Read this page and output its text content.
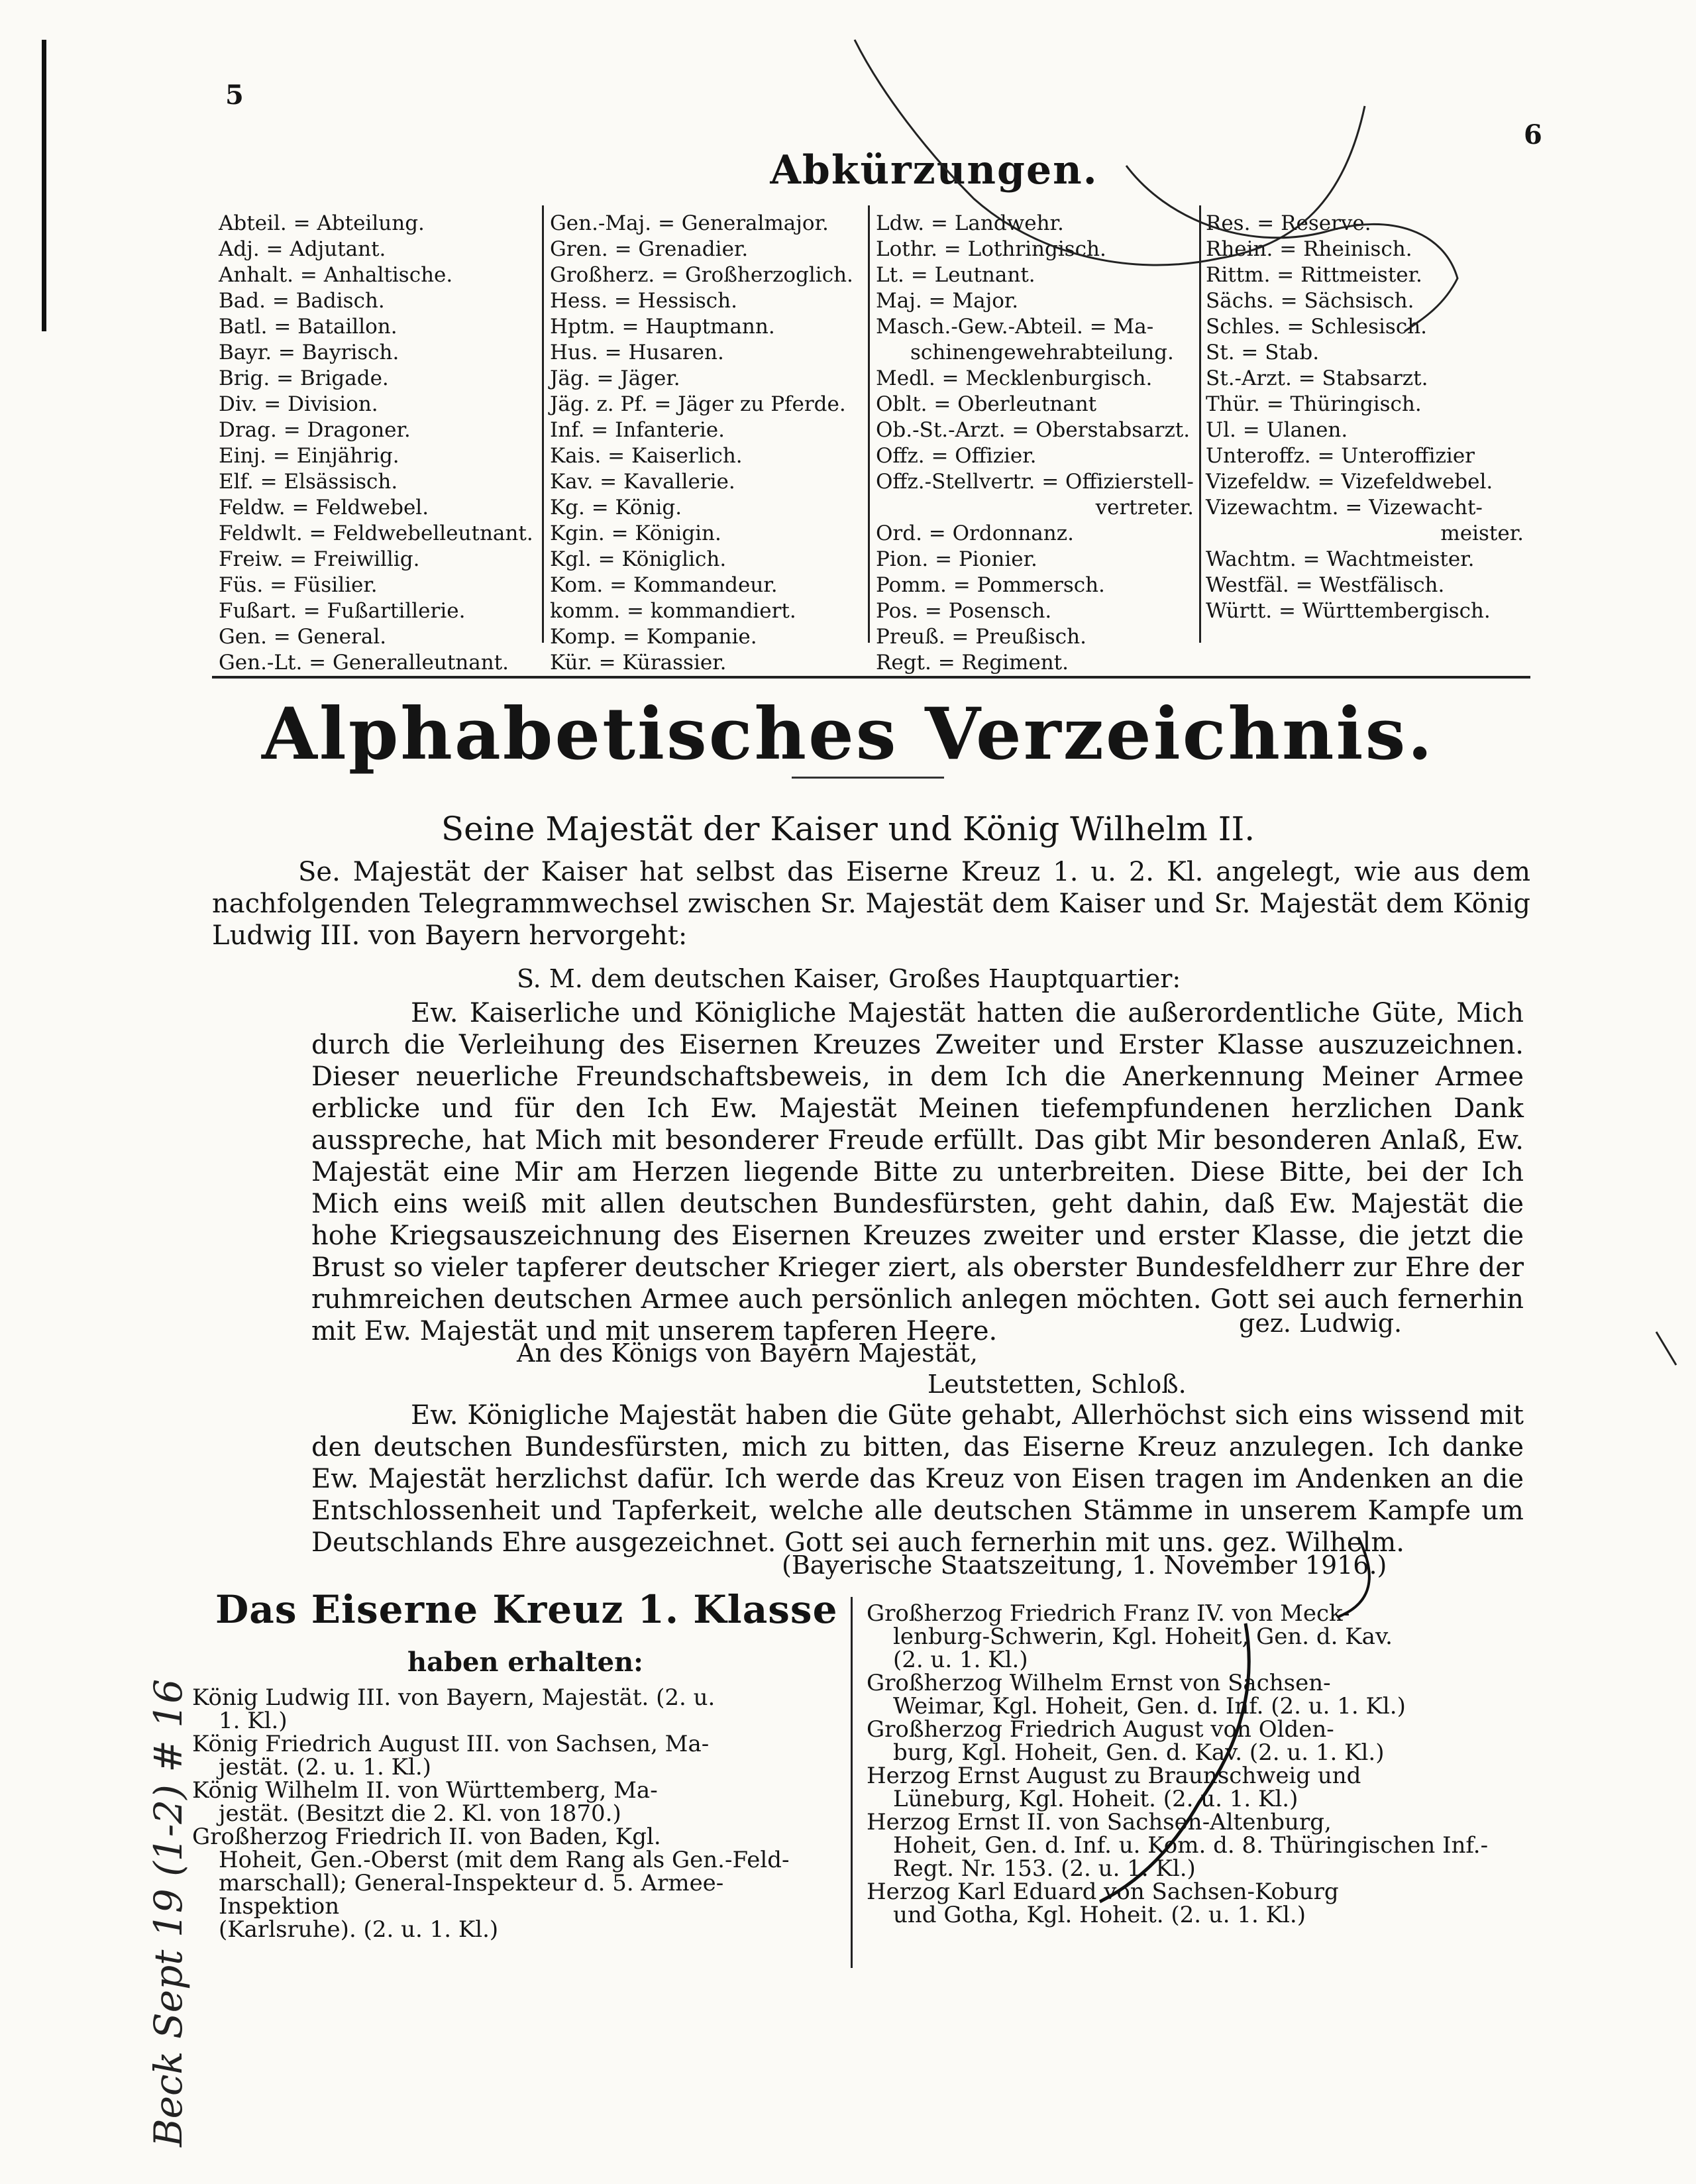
Beck Sept 19 (1-2) # 16
5
6
Abkürzungen.
Abteil. = Abteilung.
Adj. = Adjutant.
Anhalt. = Anhaltische.
Bad. = Badisch.
Batl. = Bataillon.
Bayr. = Bayrisch.
Brig. = Brigade.
Div. = Division.
Drag. = Dragoner.
Einj. = Einjährig.
Elf. = Elsässisch.
Feldw. = Feldwebel.
Feldwlt. = Feldwebelleutnant.
Freiw. = Freiwillig.
Füs. = Füsilier.
Fußart. = Fußartillerie.
Gen. = General.
Gen.-Lt. = Generalleutnant.
Gen.-Maj. = Generalmajor.
Gren. = Grenadier.
Großherz. = Großherzoglich.
Hess. = Hessisch.
Hptm. = Hauptmann.
Hus. = Husaren.
Jäg. = Jäger.
Jäg. z. Pf. = Jäger zu Pferde.
Inf. = Infanterie.
Kais. = Kaiserlich.
Kav. = Kavallerie.
Kg. = König.
Kgin. = Königin.
Kgl. = Königlich.
Kom. = Kommandeur.
komm. = kommandiert.
Komp. = Kompanie.
Kür. = Kürassier.
Ldw. = Landwehr.
Lothr. = Lothringisch.
Lt. = Leutnant.
Maj. = Major.
Masch.-Gew.-Abteil. = Ma-
schinengewehrabteilung.
Medl. = Mecklenburgisch.
Oblt. = Oberleutnant
Ob.-St.-Arzt. = Oberstabsarzt.
Offz. = Offizier.
Offz.-Stellvertr. = Offizierstell-
vertreter.
Ord. = Ordonnanz.
Pion. = Pionier.
Pomm. = Pommersch.
Pos. = Posensch.
Preuß. = Preußisch.
Regt. = Regiment.
Res. = Reserve.
Rhein. = Rheinisch.
Rittm. = Rittmeister.
Sächs. = Sächsisch.
Schles. = Schlesisch.
St. = Stab.
St.-Arzt. = Stabsarzt.
Thür. = Thüringisch.
Ul. = Ulanen.
Unteroffz. = Unteroffizier
Vizefeldw. = Vizefeldwebel.
Vizewachtm. = Vizewacht-
meister.
Wachtm. = Wachtmeister.
Westfäl. = Westfälisch.
Württ. = Württembergisch.
Alphabetisches Verzeichnis.
Seine Majestät der Kaiser und König Wilhelm II.
Se. Majestät der Kaiser hat selbst das Eiserne Kreuz 1. u. 2. Kl. angelegt, wie aus dem nachfolgenden Telegrammwechsel zwischen Sr. Majestät dem Kaiser und Sr. Majestät dem König Ludwig III. von Bayern hervorgeht:
S. M. dem deutschen Kaiser, Großes Hauptquartier:
Ew. Kaiserliche und Königliche Majestät hatten die außerordentliche Güte, Mich durch die Verleihung des Eisernen Kreuzes Zweiter und Erster Klasse auszuzeichnen. Dieser neuerliche Freundschaftsbeweis, in dem Ich die Anerkennung Meiner Armee erblicke und für den Ich Ew. Majestät Meinen tiefempfundenen herzlichen Dank ausspreche, hat Mich mit besonderer Freude erfüllt. Das gibt Mir besonderen Anlaß, Ew. Majestät eine Mir am Herzen liegende Bitte zu unterbreiten. Diese Bitte, bei der Ich Mich eins weiß mit allen deutschen Bundesfürsten, geht dahin, daß Ew. Majestät die hohe Kriegsauszeichnung des Eisernen Kreuzes zweiter und erster Klasse, die jetzt die Brust so vieler tapferer deutscher Krieger ziert, als oberster Bundesfeldherr zur Ehre der ruhmreichen deutschen Armee auch persönlich anlegen möchten. Gott sei auch fernerhin mit Ew. Majestät und mit unserem tapferen Heere.	gez. Ludwig.
An des Königs von Bayern Majestät,
Leutstetten, Schloß.
Ew. Königliche Majestät haben die Güte gehabt, Allerhöchst sich eins wissend mit den deutschen Bundesfürsten, mich zu bitten, das Eiserne Kreuz anzulegen. Ich danke Ew. Majestät herzlichst dafür. Ich werde das Kreuz von Eisen tragen im Andenken an die Entschlossenheit und Tapferkeit, welche alle deutschen Stämme in unserem Kampfe um Deutschlands Ehre ausgezeichnet. Gott sei auch fernerhin mit uns. gez. Wilhelm.
(Bayerische Staatszeitung, 1. November 1916.)
Das Eiserne Kreuz 1. Klasse
haben erhalten:
König Ludwig III. von Bayern, Majestät. (2. u.
1. Kl.)
König Friedrich August III. von Sachsen, Ma-
jestät. (2. u. 1. Kl.)
König Wilhelm II. von Württemberg, Ma-
jestät. (Besitzt die 2. Kl. von 1870.)
Großherzog Friedrich II. von Baden, Kgl.
Hoheit, Gen.-Oberst (mit dem Rang als Gen.-Feld-
marschall); General-Inspekteur d. 5. Armee-Inspektion
(Karlsruhe). (2. u. 1. Kl.)
Großherzog Friedrich Franz IV. von Meck-
lenburg-Schwerin, Kgl. Hoheit, Gen. d. Kav.
(2. u. 1. Kl.)
Großherzog Wilhelm Ernst von Sachsen-
Weimar, Kgl. Hoheit, Gen. d. Inf. (2. u. 1. Kl.)
Großherzog Friedrich August von Olden-
burg, Kgl. Hoheit, Gen. d. Kav. (2. u. 1. Kl.)
Herzog Ernst August zu Braunschweig und
Lüneburg, Kgl. Hoheit. (2. u. 1. Kl.)
Herzog Ernst II. von Sachsen-Altenburg,
Hoheit, Gen. d. Inf. u. Kom. d. 8. Thüringischen Inf.-
Regt. Nr. 153. (2. u. 1. Kl.)
Herzog Karl Eduard von Sachsen-Koburg
und Gotha, Kgl. Hoheit. (2. u. 1. Kl.)
